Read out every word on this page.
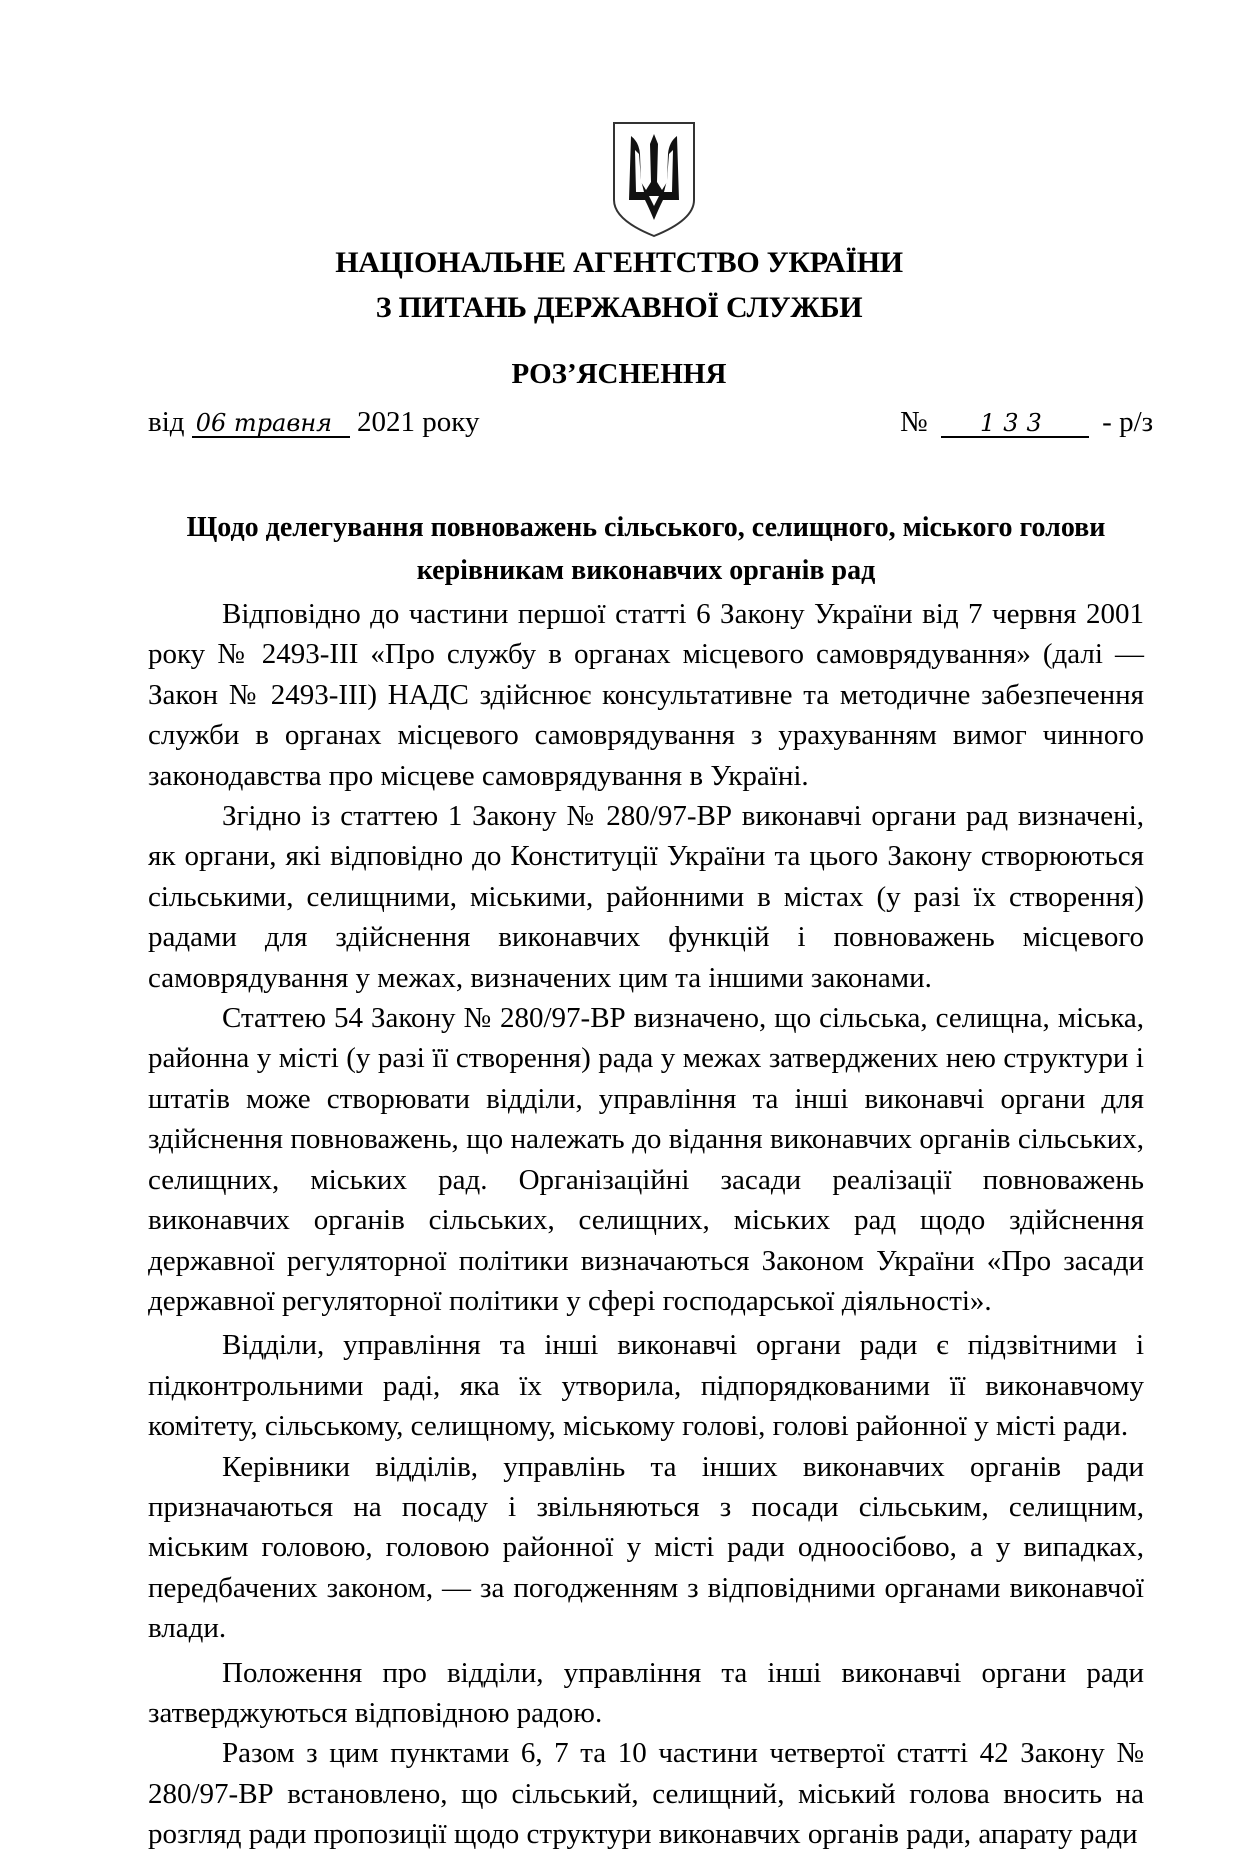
НАЦІОНАЛЬНЕ АГЕНТСТВО УКРАЇНИ
З ПИТАНЬ ДЕРЖАВНОЇ СЛУЖБИ
РОЗ’ЯСНЕННЯ
від 06 травня 2021 року	№ 133 - р/з
Щодо делегування повноважень сільського, селищного, міського голови
керівникам виконавчих органів рад

Відповідно до частини першої статті 6 Закону України від 7 червня 2001 року № 2493-ІІІ «Про службу в органах місцевого самоврядування» (далі — Закон № 2493-ІІІ) НАДС здійснює консультативне та методичне забезпечення служби в органах місцевого самоврядування з урахуванням вимог чинного законодавства про місцеве самоврядування в Україні.

Згідно із статтею 1 Закону № 280/97-ВР виконавчі органи рад визначені, як органи, які відповідно до Конституції України та цього Закону створюються сільськими, селищними, міськими, районними в містах (у разі їх створення) радами для здійснення виконавчих функцій і повноважень місцевого самоврядування у межах, визначених цим та іншими законами.

Статтею 54 Закону № 280/97-ВР визначено, що сільська, селищна, міська, районна у місті (у разі її створення) рада у межах затверджених нею структури і штатів може створювати відділи, управління та інші виконавчі органи для здійснення повноважень, що належать до відання виконавчих органів сільських, селищних, міських рад. Організаційні засади реалізації повноважень виконавчих органів сільських, селищних, міських рад щодо здійснення державної регуляторної політики визначаються Законом України «Про засади державної регуляторної політики у сфері господарської діяльності».

Відділи, управління та інші виконавчі органи ради є підзвітними і підконтрольними раді, яка їх утворила, підпорядкованими її виконавчому комітету, сільському, селищному, міському голові, голові районної у місті ради.

Керівники відділів, управлінь та інших виконавчих органів ради призначаються на посаду і звільняються з посади сільським, селищним, міським головою, головою районної у місті ради одноосібово, а у випадках, передбачених законом, — за погодженням з відповідними органами виконавчої влади.

Положення про відділи, управління та інші виконавчі органи ради затверджуються відповідною радою.

Разом з цим пунктами 6, 7 та 10 частини четвертої статті 42 Закону № 280/97-ВР встановлено, що сільський, селищний, міський голова вносить на розгляд ради пропозиції щодо структури виконавчих органів ради, апарату ради
